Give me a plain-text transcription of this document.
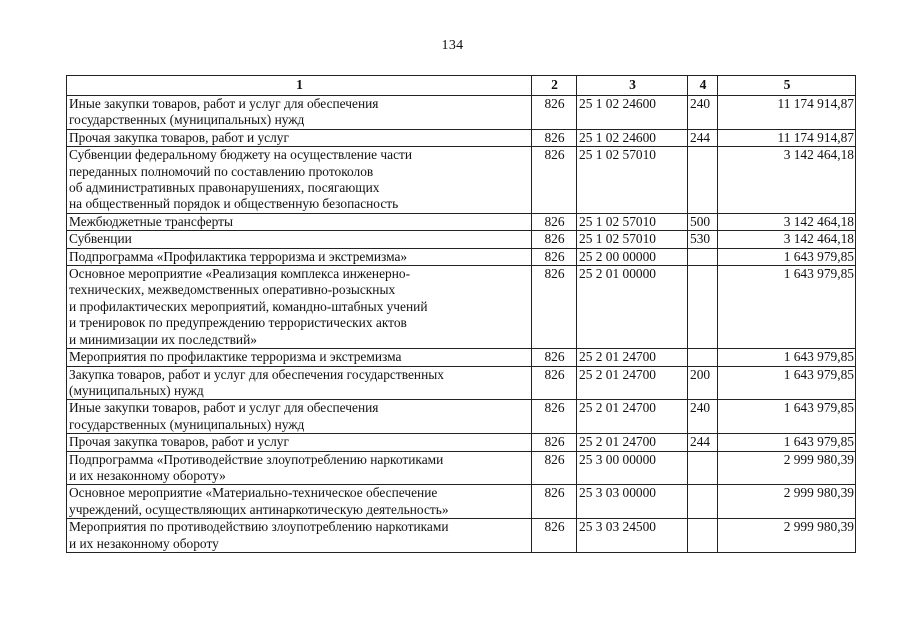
134
1	2	3	4	5

Иные закупки товаров, работ и услуг для обеспечения
государственных (муниципальных) нужд	826	25 1 02 24600	240	11 174 914,87

Прочая закупка товаров, работ и услуг	826	25 1 02 24600	244	11 174 914,87

Субвенции федеральному бюджету на осуществление части
переданных полномочий по составлению протоколов
об административных правонарушениях, посягающих
на общественный порядок и общественную безопасность	826	25 1 02 57010		3 142 464,18

Межбюджетные трансферты	826	25 1 02 57010	500	3 142 464,18

Субвенции	826	25 1 02 57010	530	3 142 464,18

Подпрограмма «Профилактика терроризма и экстремизма»	826	25 2 00 00000		1 643 979,85

Основное мероприятие «Реализация комплекса инженерно-
технических, межведомственных оперативно-розыскных
и профилактических мероприятий, командно-штабных учений
и тренировок по предупреждению террористических актов
и минимизации их последствий»	826	25 2 01 00000		1 643 979,85

Мероприятия по профилактике терроризма и экстремизма	826	25 2 01 24700		1 643 979,85

Закупка товаров, работ и услуг для обеспечения государственных
(муниципальных) нужд	826	25 2 01 24700	200	1 643 979,85

Иные закупки товаров, работ и услуг для обеспечения
государственных (муниципальных) нужд	826	25 2 01 24700	240	1 643 979,85

Прочая закупка товаров, работ и услуг	826	25 2 01 24700	244	1 643 979,85

Подпрограмма «Противодействие злоупотреблению наркотиками
и их незаконному обороту»	826	25 3 00 00000		2 999 980,39

Основное мероприятие «Материально-техническое обеспечение
учреждений, осуществляющих антинаркотическую деятельность»	826	25 3 03 00000		2 999 980,39

Мероприятия по противодействию злоупотреблению наркотиками
и их незаконному обороту	826	25 3 03 24500		2 999 980,39
